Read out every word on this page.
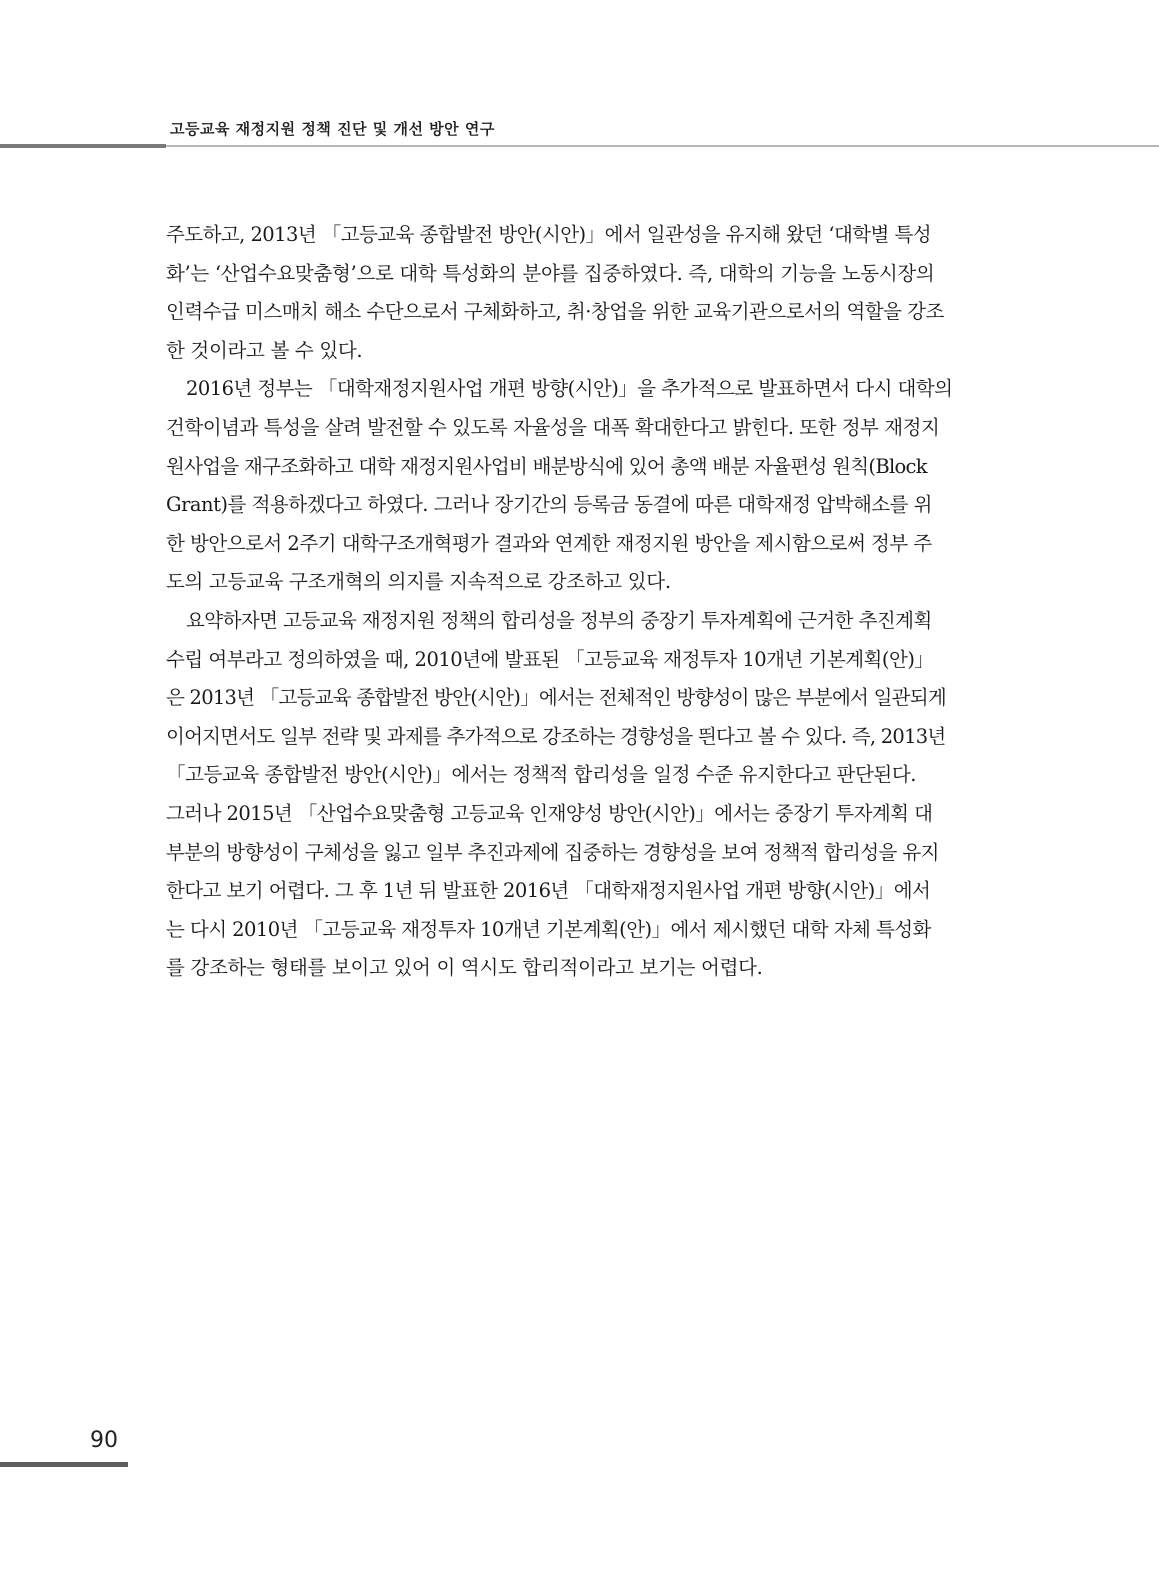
고등교육 재정지원 정책 진단 및 개선 방안 연구
주도하고, 2013년 「고등교육 종합발전 방안(시안)」에서 일관성을 유지해 왔던 ‘대학별 특성
화’는 ‘산업수요맞춤형’으로 대학 특성화의 분야를 집중하였다. 즉, 대학의 기능을 노동시장의
인력수급 미스매치 해소 수단으로서 구체화하고, 취·창업을 위한 교육기관으로서의 역할을 강조
한 것이라고 볼 수 있다.
2016년 정부는 「대학재정지원사업 개편 방향(시안)」을 추가적으로 발표하면서 다시 대학의
건학이념과 특성을 살려 발전할 수 있도록 자율성을 대폭 확대한다고 밝힌다. 또한 정부 재정지
원사업을 재구조화하고 대학 재정지원사업비 배분방식에 있어 총액 배분 자율편성 원칙(Block
Grant)를 적용하겠다고 하였다. 그러나 장기간의 등록금 동결에 따른 대학재정 압박해소를 위
한 방안으로서 2주기 대학구조개혁평가 결과와 연계한 재정지원 방안을 제시함으로써 정부 주
도의 고등교육 구조개혁의 의지를 지속적으로 강조하고 있다.
요약하자면 고등교육 재정지원 정책의 합리성을 정부의 중장기 투자계획에 근거한 추진계획
수립 여부라고 정의하였을 때, 2010년에 발표된 「고등교육 재정투자 10개년 기본계획(안)」
은 2013년 「고등교육 종합발전 방안(시안)」에서는 전체적인 방향성이 많은 부분에서 일관되게
이어지면서도 일부 전략 및 과제를 추가적으로 강조하는 경향성을 띈다고 볼 수 있다. 즉, 2013년
「고등교육 종합발전 방안(시안)」에서는 정책적 합리성을 일정 수준 유지한다고 판단된다.
그러나 2015년 「산업수요맞춤형 고등교육 인재양성 방안(시안)」에서는 중장기 투자계획 대
부분의 방향성이 구체성을 잃고 일부 추진과제에 집중하는 경향성을 보여 정책적 합리성을 유지
한다고 보기 어렵다. 그 후 1년 뒤 발표한 2016년 「대학재정지원사업 개편 방향(시안)」에서
는 다시 2010년 「고등교육 재정투자 10개년 기본계획(안)」에서 제시했던 대학 자체 특성화
를 강조하는 형태를 보이고 있어 이 역시도 합리적이라고 보기는 어렵다.
90
